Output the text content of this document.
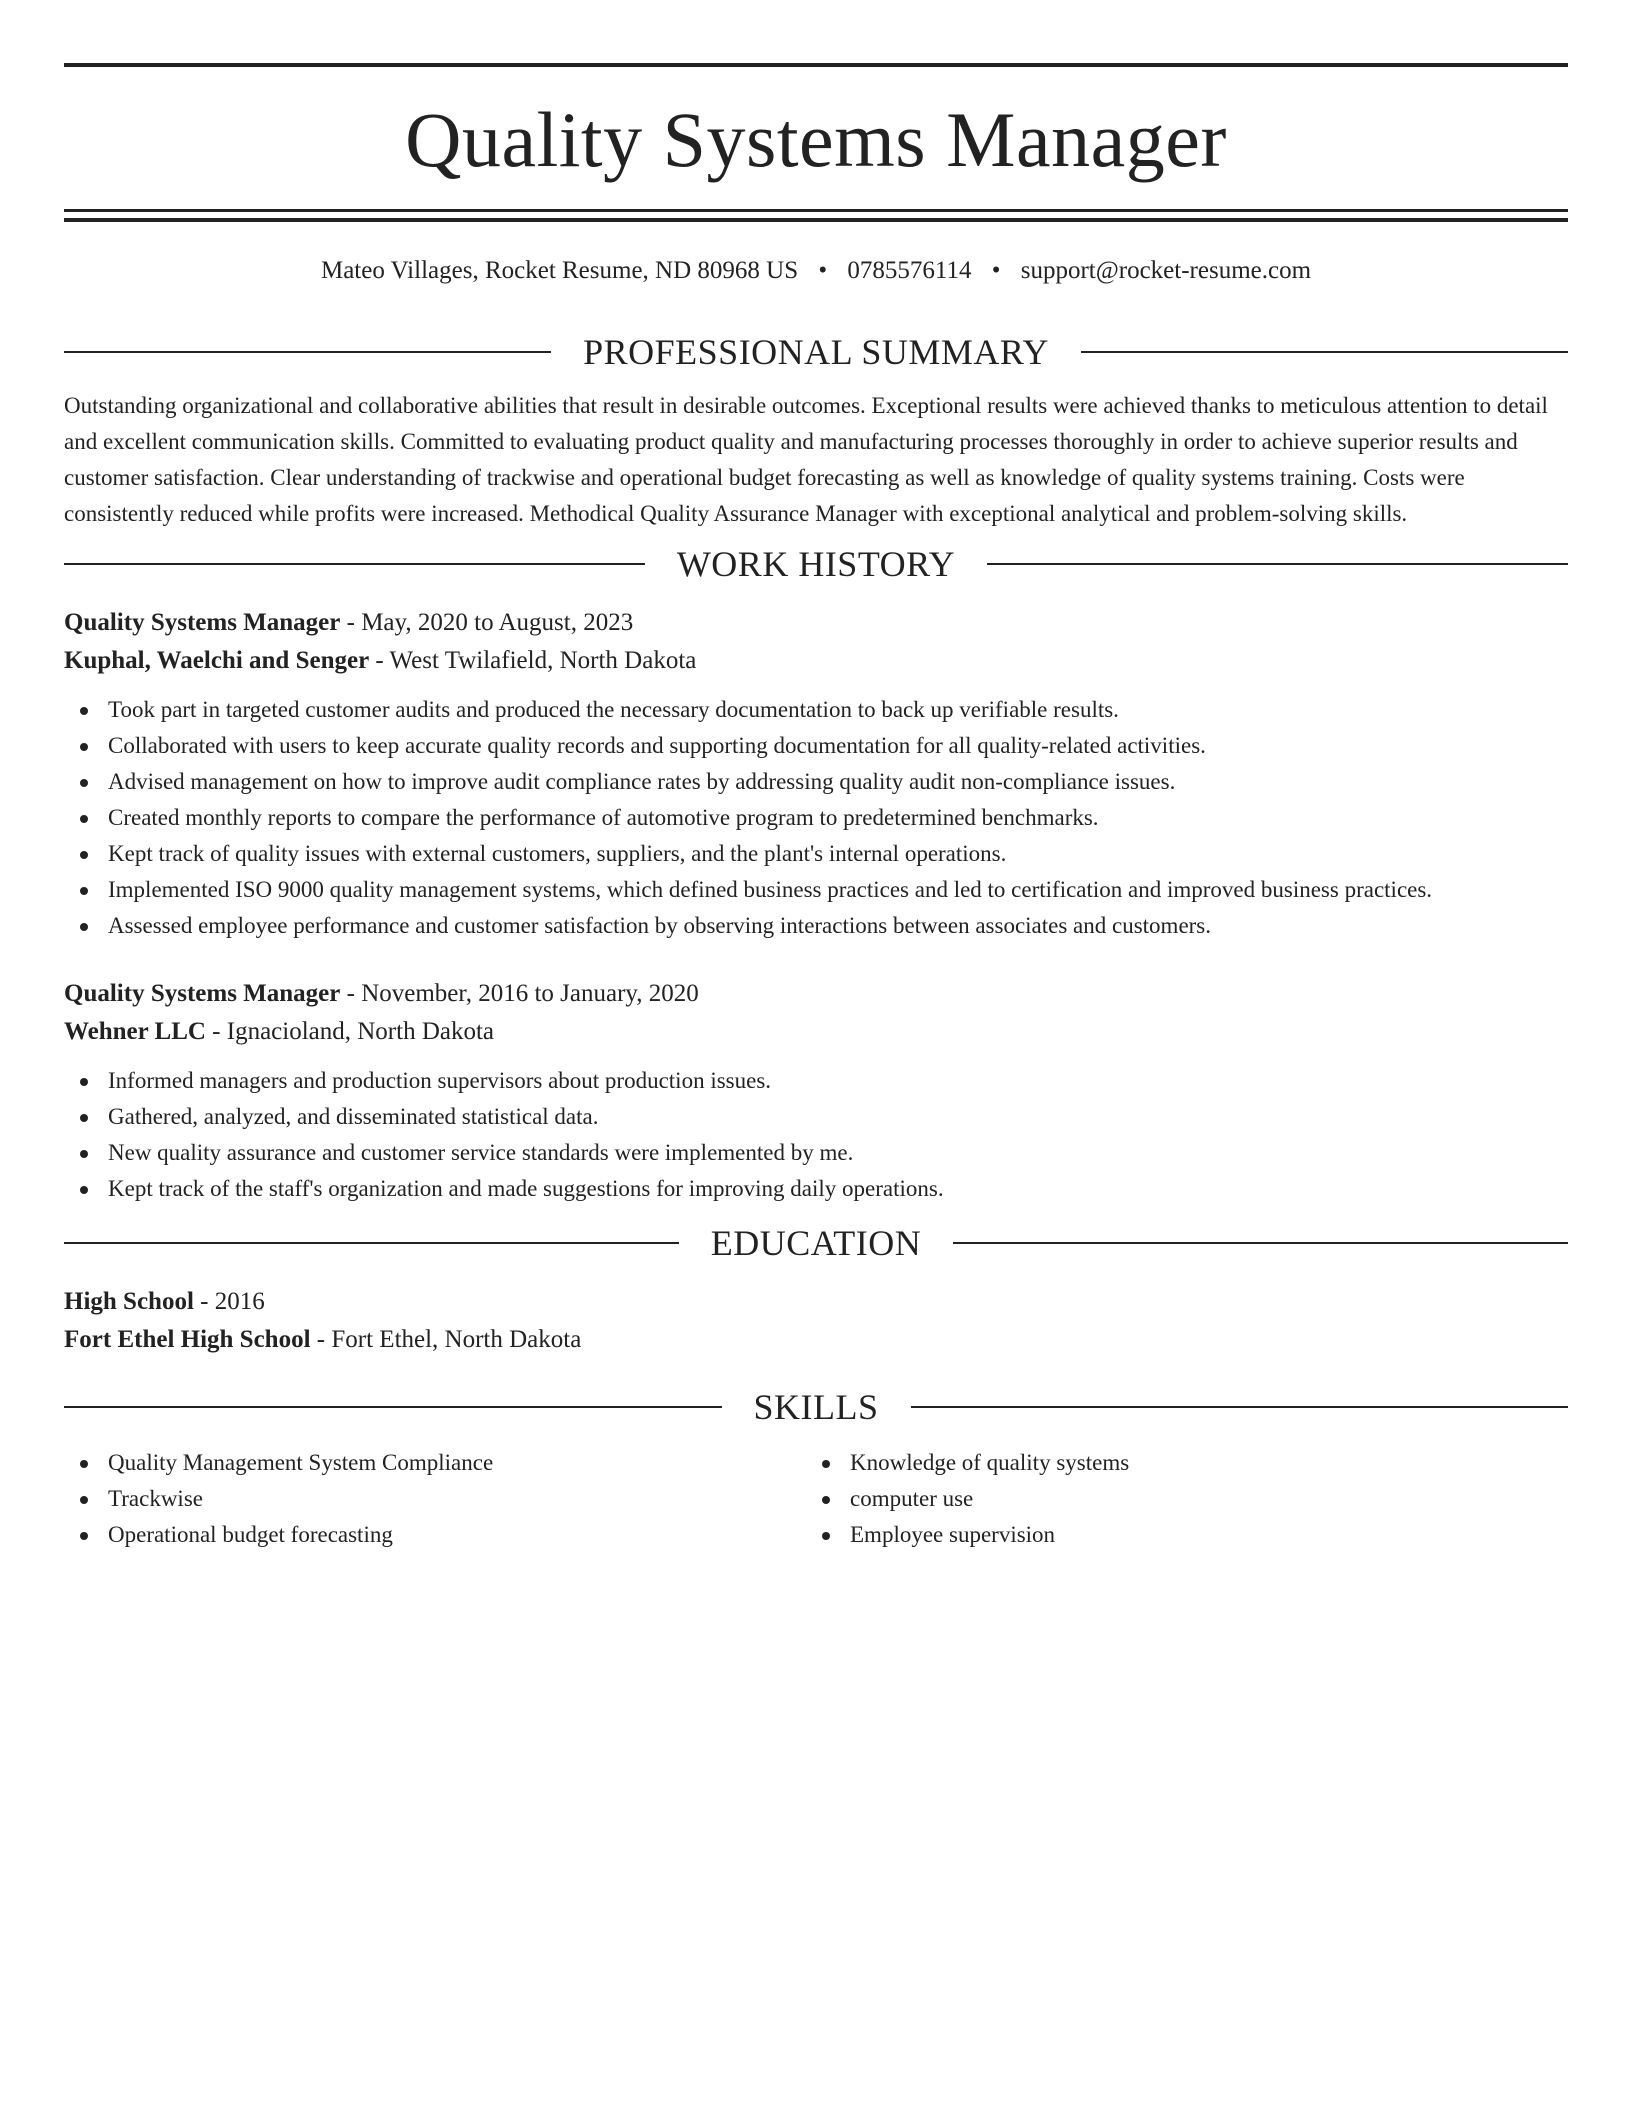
Quality Systems Manager
Mateo Villages, Rocket Resume, ND 80968 US • 0785576114 • support@rocket-resume.com
PROFESSIONAL SUMMARY

Outstanding organizational and collaborative abilities that result in desirable outcomes. Exceptional results were achieved thanks to meticulous attention to detail and excellent communication skills. Committed to evaluating product quality and manufacturing processes thoroughly in order to achieve superior results and customer satisfaction. Clear understanding of trackwise and operational budget forecasting as well as knowledge of quality systems training. Costs were consistently reduced while profits were increased. Methodical Quality Assurance Manager with exceptional analytical and problem-solving skills.

WORK HISTORY
Quality Systems Manager - May, 2020 to August, 2023
Kuphal, Waelchi and Senger - West Twilafield, North Dakota
Took part in targeted customer audits and produced the necessary documentation to back up verifiable results.
Collaborated with users to keep accurate quality records and supporting documentation for all quality-related activities.
Advised management on how to improve audit compliance rates by addressing quality audit non-compliance issues.
Created monthly reports to compare the performance of automotive program to predetermined benchmarks.
Kept track of quality issues with external customers, suppliers, and the plant's internal operations.
Implemented ISO 9000 quality management systems, which defined business practices and led to certification and improved business practices.
Assessed employee performance and customer satisfaction by observing interactions between associates and customers.
Quality Systems Manager - November, 2016 to January, 2020
Wehner LLC - Ignacioland, North Dakota
Informed managers and production supervisors about production issues.
Gathered, analyzed, and disseminated statistical data.
New quality assurance and customer service standards were implemented by me.
Kept track of the staff's organization and made suggestions for improving daily operations.
EDUCATION
High School - 2016
Fort Ethel High School - Fort Ethel, North Dakota
SKILLS
Quality Management System Compliance
Trackwise
Operational budget forecasting
Knowledge of quality systems
computer use
Employee supervision
